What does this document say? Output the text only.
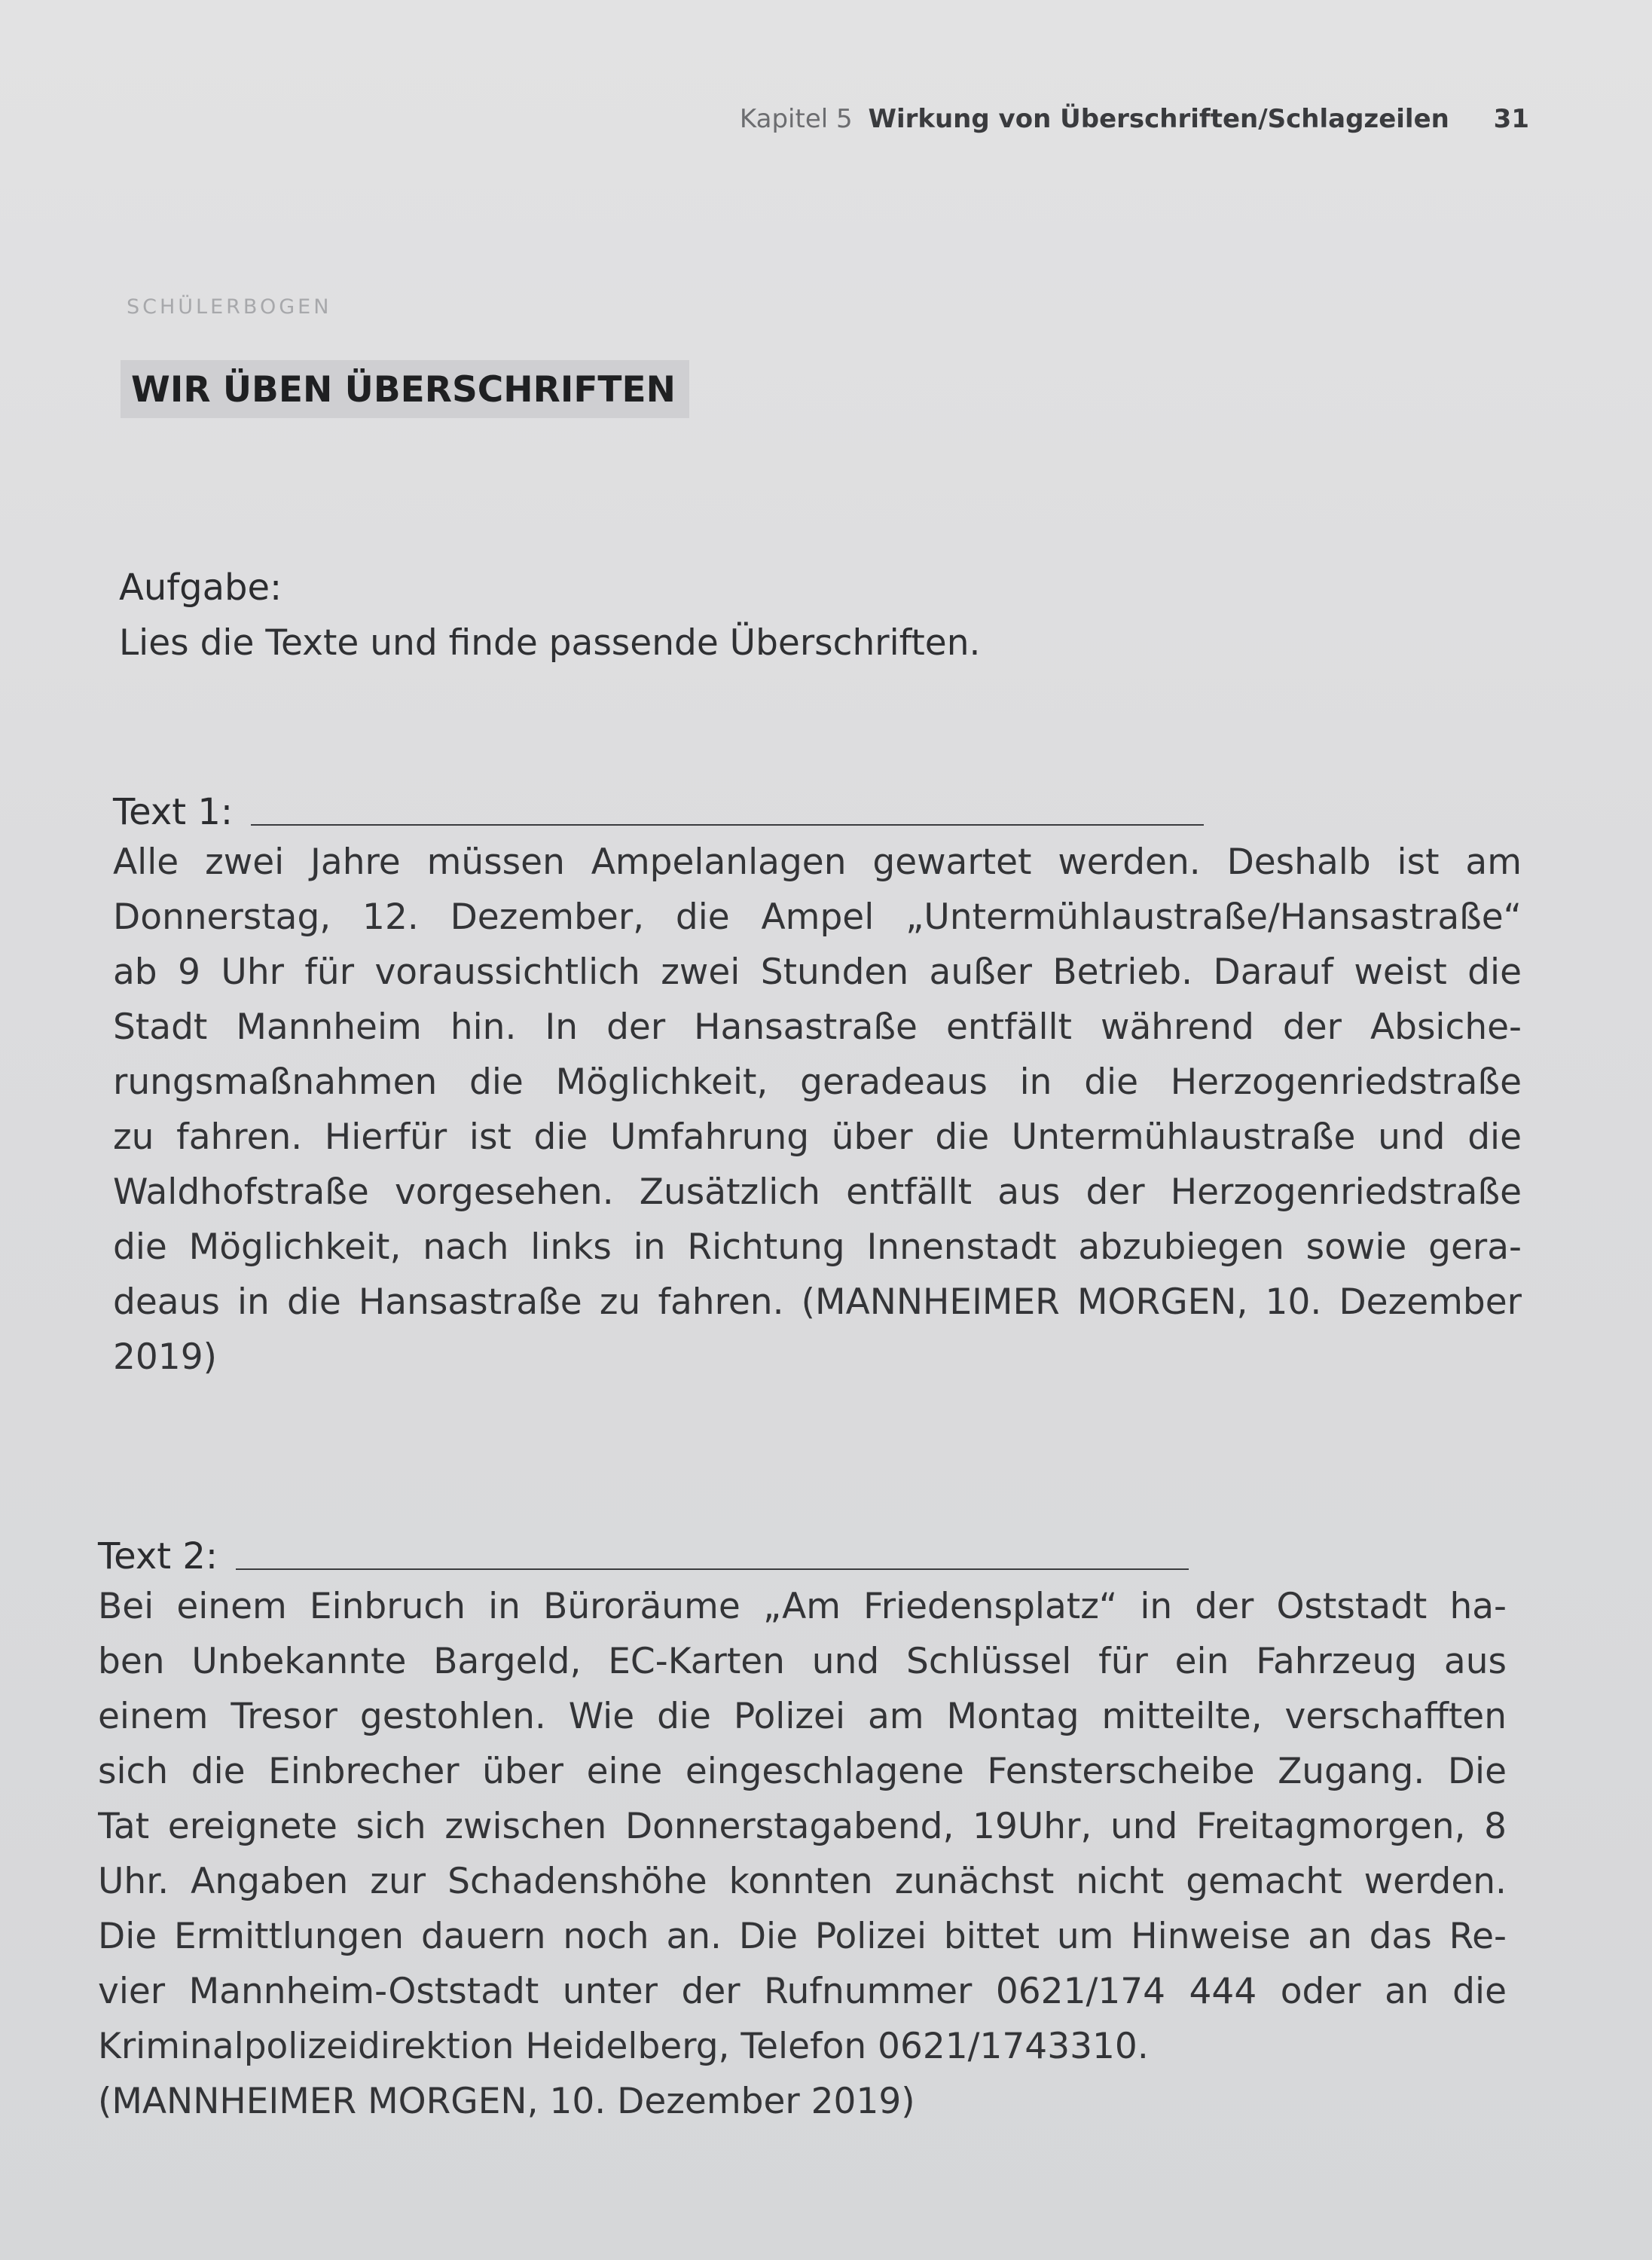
Kapitel 5 Wirkung von Überschriften/Schlagzeilen 31
SCHÜLERBOGEN
WIR ÜBEN ÜBERSCHRIFTEN
Aufgabe:
Lies die Texte und finde passende Überschriften.
Text 1:
Alle zwei Jahre müssen Ampelanlagen gewartet werden. Deshalb ist am
Donnerstag, 12. Dezember, die Ampel „Untermühlaustraße/Hansastraße“
ab 9 Uhr für voraussichtlich zwei Stunden außer Betrieb. Darauf weist die
Stadt Mannheim hin. In der Hansastraße entfällt während der Absiche-
rungsmaßnahmen die Möglichkeit, geradeaus in die Herzogenriedstraße
zu fahren. Hierfür ist die Umfahrung über die Untermühlaustraße und die
Waldhofstraße vorgesehen. Zusätzlich entfällt aus der Herzogenriedstraße
die Möglichkeit, nach links in Richtung Innenstadt abzubiegen sowie gera-
deaus in die Hansastraße zu fahren. (MANNHEIMER MORGEN, 10. Dezember
2019)
Text 2:
Bei einem Einbruch in Büroräume „Am Friedensplatz“ in der Oststadt ha-
ben Unbekannte Bargeld, EC-Karten und Schlüssel für ein Fahrzeug aus
einem Tresor gestohlen. Wie die Polizei am Montag mitteilte, verschafften
sich die Einbrecher über eine eingeschlagene Fensterscheibe Zugang. Die
Tat ereignete sich zwischen Donnerstagabend, 19Uhr, und Freitagmorgen, 8
Uhr. Angaben zur Schadenshöhe konnten zunächst nicht gemacht werden.
Die Ermittlungen dauern noch an. Die Polizei bittet um Hinweise an das Re-
vier Mannheim-Oststadt unter der Rufnummer 0621/174 444 oder an die
Kriminalpolizeidirektion Heidelberg, Telefon 0621/1743310.
(MANNHEIMER MORGEN, 10. Dezember 2019)
